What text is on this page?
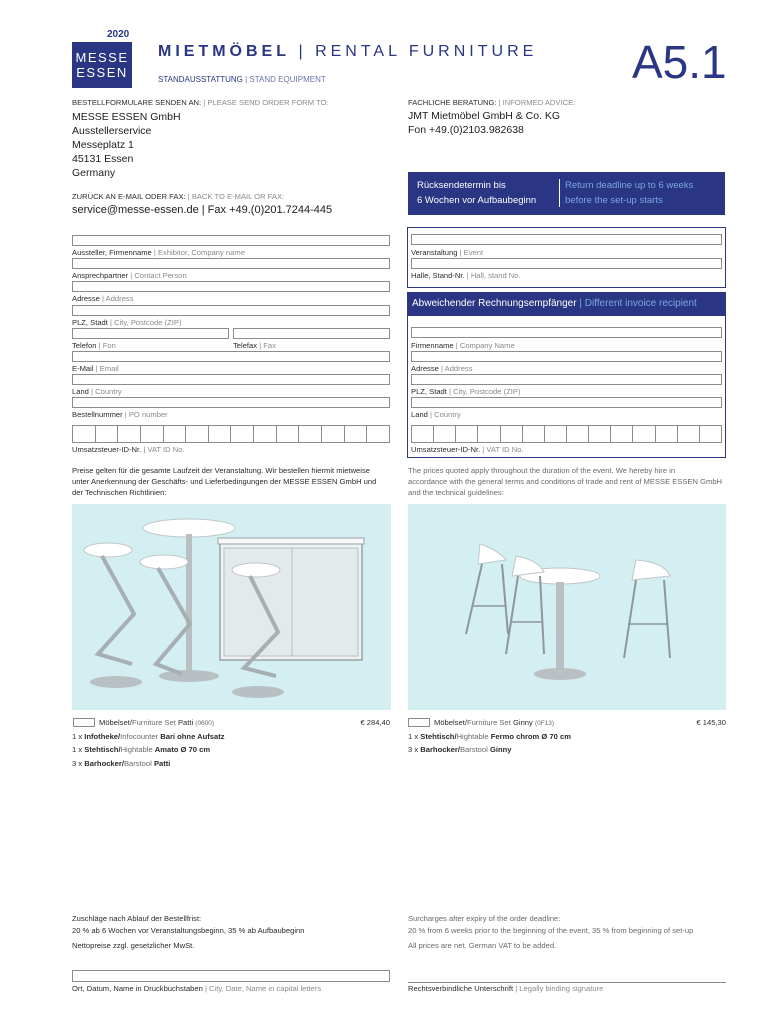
2020
MESSE
ESSEN
MIETMÖBEL | RENTAL FURNITURE
STANDAUSSTATTUNG | STAND EQUIPMENT	A5.1
BESTELLFORMULARE SENDEN AN: | PLEASE SEND ORDER FORM TO:
MESSE ESSEN GmbH
Ausstellerservice
Messeplatz 1
45131 Essen
Germany
ZURÜCK AN E-MAIL ODER FAX: | BACK TO E-MAIL OR FAX:
service@messe-essen.de | Fax +49.(0)201.7244-445
FACHLICHE BERATUNG: | INFORMED ADVICE:
JMT Mietmöbel GmbH & Co. KG
Fon +49.(0)2103.982638
Rücksendetermin bis
6 Wochen vor Aufbaubeginn
Return deadline up to 6 weeks
before the set-up starts
Aussteller, Firmenname | Exhibitor, Company name
Ansprechpartner | Contact Person
Adresse | Address
PLZ, Stadt | City, Postcode (ZIP)
Telefon | Fon	Telefax | Fax
E-Mail | Email
Land | Country
Bestellnummer | PO number
Umsatzsteuer-ID-Nr. | VAT ID No.
Veranstaltung | Event
Halle, Stand-Nr. | Hall, stand No.
Abweichender Rechnungsempfänger | Different invoice recipient
Firmenname | Company Name
Adresse | Address
PLZ, Stadt | City, Postcode (ZIP)
Land | Country
Umsatzsteuer-ID-Nr. | VAT ID No.
Preise gelten für die gesamte Laufzeit der Veranstaltung. Wir bestellen hiermit mietweise
unter Anerkennung der Geschäfts- und Lieferbedingungen der MESSE ESSEN GmbH und
der Technischen Richtlinien:
The prices quoted apply throughout the duration of the event. We hereby hire in
accordance with the general terms and conditions of trade and rent of MESSE ESSEN GmbH
and the technical guidelines:
Möbelset/Furniture Set Patti (0600)	€ 284,40
1 x Infotheke/Infocounter Bari ohne Aufsatz
1 x Stehtisch/Hightable Amato Ø 70 cm
3 x Barhocker/Barstool Patti
Möbelset/Furniture Set Ginny (0F13)	€ 145,30
1 x Stehtisch/Hightable Fermo chrom Ø 70 cm
3 x Barhocker/Barstool Ginny
Zuschläge nach Ablauf der Bestellfrist:
20 % ab 6 Wochen vor Veranstaltungsbeginn, 35 % ab Aufbaubeginn
Nettopreise zzgl. gesetzlicher MwSt.
Surcharges after expiry of the order deadline:
20 % from 6 weeks prior to the beginning of the event, 35 % from beginning of set-up
All prices are net. German VAT to be added.
Ort, Datum, Name in Druckbuchstaben | City, Date, Name in capital letters	Rechtsverbindliche Unterschrift | Legally binding signature
